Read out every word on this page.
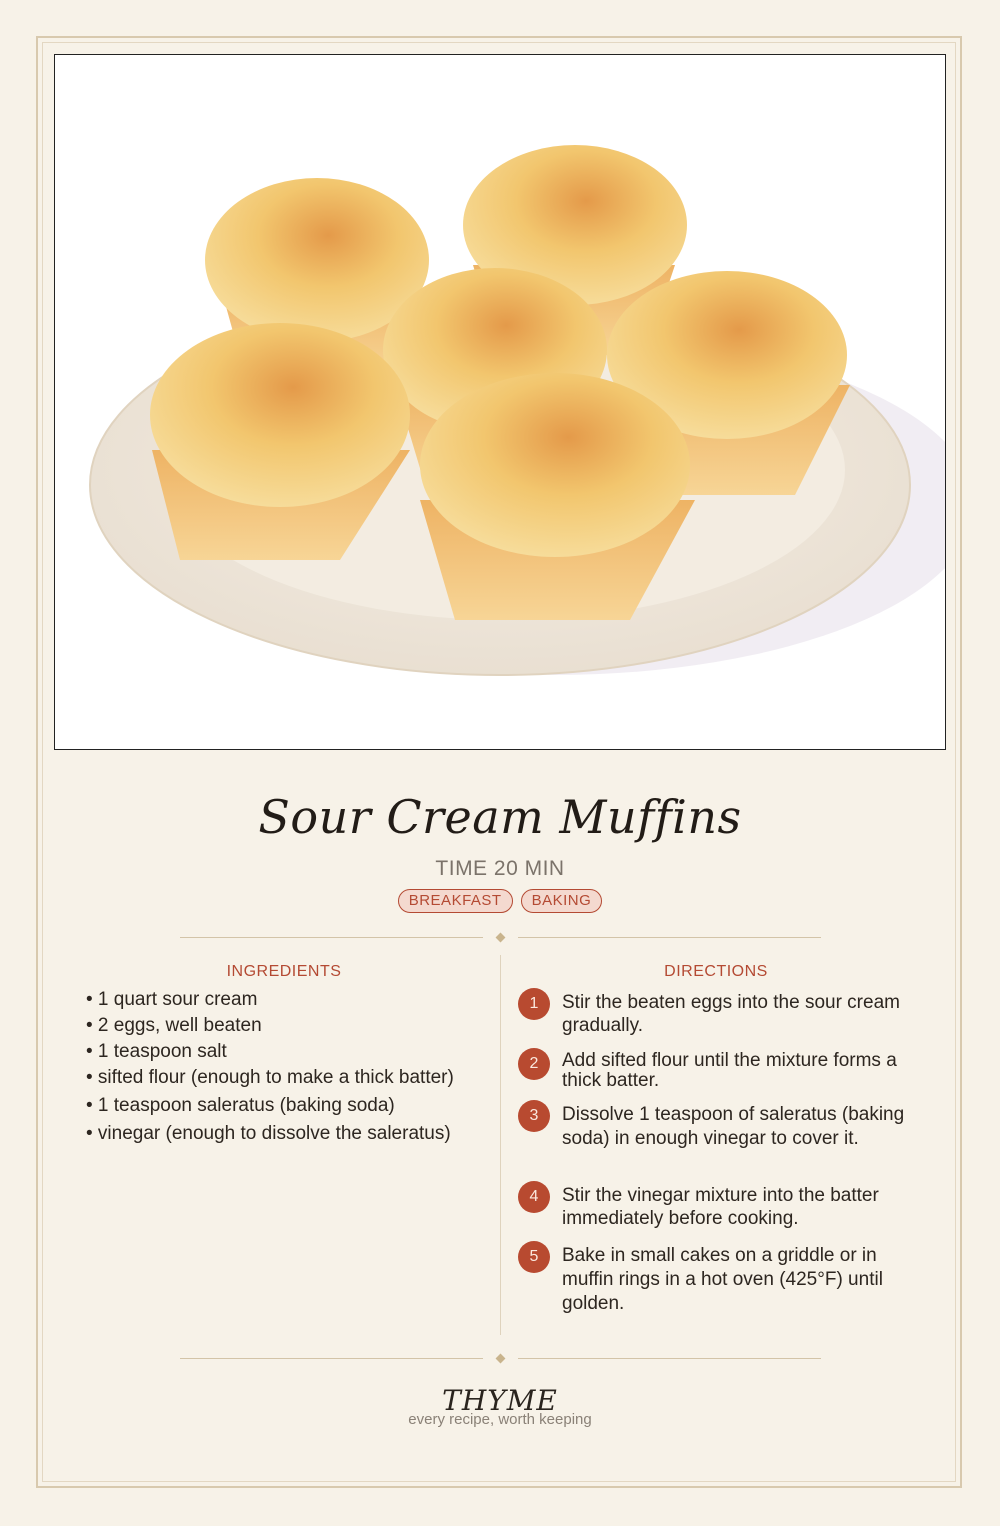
Sour Cream Muffins
TIME 20 MIN
BREAKFAST BAKING
INGREDIENTS	DIRECTIONS
• 1 quart sour cream
• 2 eggs, well beaten
• 1 teaspoon salt
• sifted flour (enough to make a thick batter)
• 1 teaspoon saleratus (baking soda)
• vinegar (enough to dissolve the saleratus)
1	Stir the beaten eggs into the sour cream gradually.
2	Add sifted flour until the mixture forms a thick batter.
3	Dissolve 1 teaspoon of saleratus (baking soda) in enough vinegar to cover it.
4	Stir the vinegar mixture into the batter immediately before cooking.
5	Bake in small cakes on a griddle or in muffin rings in a hot oven (425°F) until golden.
THYME
every recipe, worth keeping
